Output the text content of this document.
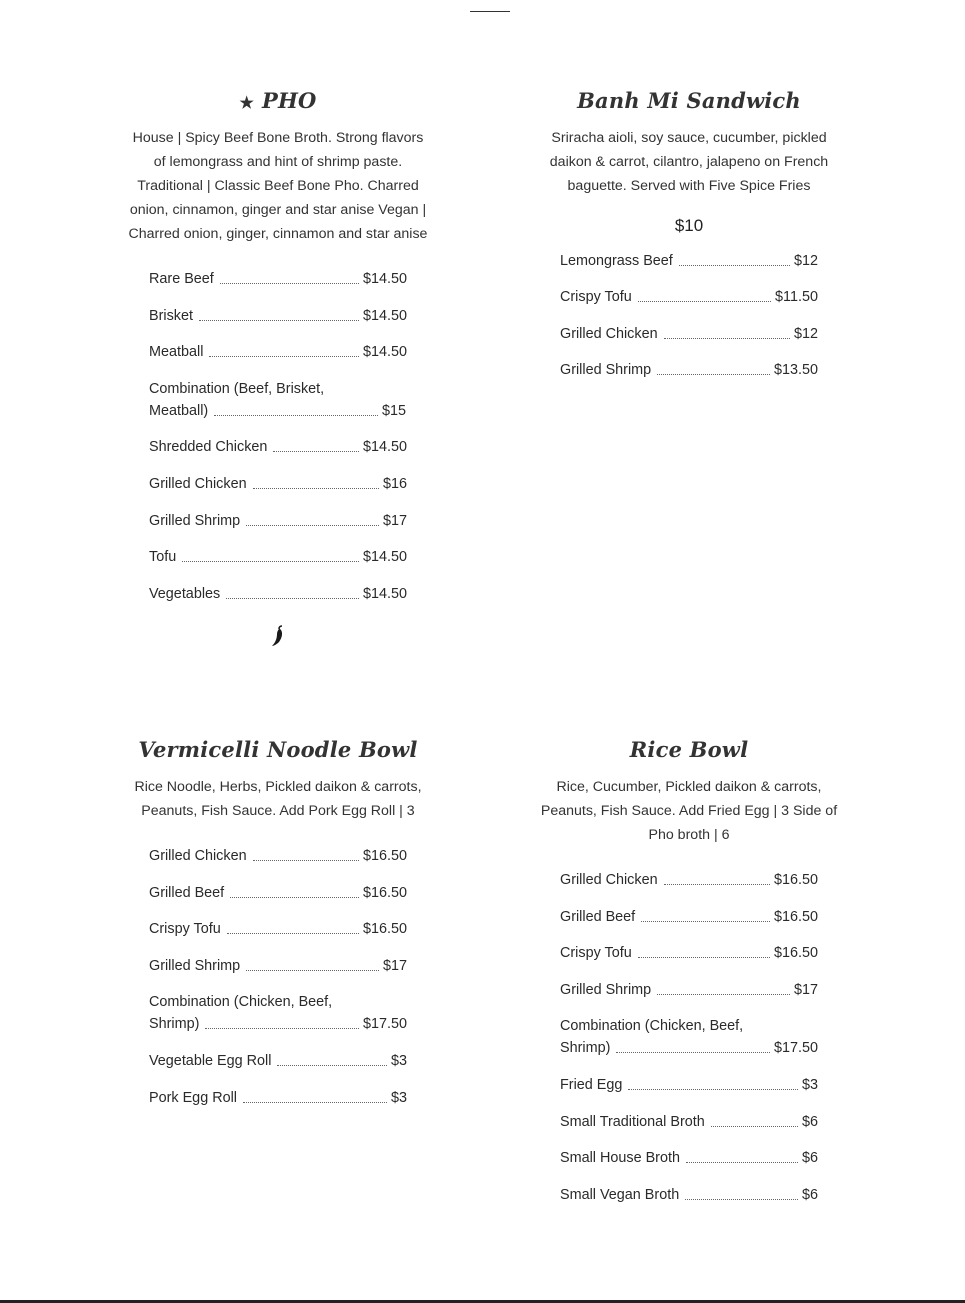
★ PHO

House | Spicy Beef Bone Broth. Strong flavors of lemongrass and hint of shrimp paste. Traditional | Classic Beef Bone Pho. Charred onion, cinnamon, ginger and star anise Vegan | Charred onion, ginger, cinnamon and star anise

Rare Beef	$14.50
Brisket	$14.50
Meatball	$14.50
Combination (Beef, Brisket,
Meatball)	$15
Shredded Chicken	$14.50
Grilled Chicken	$16
Grilled Shrimp	$17
Tofu	$14.50
Vegetables	$14.50
Banh Mi Sandwich

Sriracha aioli, soy sauce, cucumber, pickled daikon & carrot, cilantro, jalapeno on French baguette. Served with Five Spice Fries

$10
Lemongrass Beef	$12
Crispy Tofu	$11.50
Grilled Chicken	$12
Grilled Shrimp	$13.50
Vermicelli Noodle Bowl

Rice Noodle, Herbs, Pickled daikon & carrots, Peanuts, Fish Sauce. Add Pork Egg Roll | 3

Grilled Chicken	$16.50
Grilled Beef	$16.50
Crispy Tofu	$16.50
Grilled Shrimp	$17
Combination (Chicken, Beef,
Shrimp)	$17.50
Vegetable Egg Roll	$3
Pork Egg Roll	$3
Rice Bowl

Rice, Cucumber, Pickled daikon & carrots, Peanuts, Fish Sauce. Add Fried Egg | 3 Side of Pho broth | 6

Grilled Chicken	$16.50
Grilled Beef	$16.50
Crispy Tofu	$16.50
Grilled Shrimp	$17
Combination (Chicken, Beef,
Shrimp)	$17.50
Fried Egg	$3
Small Traditional Broth	$6
Small House Broth	$6
Small Vegan Broth	$6
